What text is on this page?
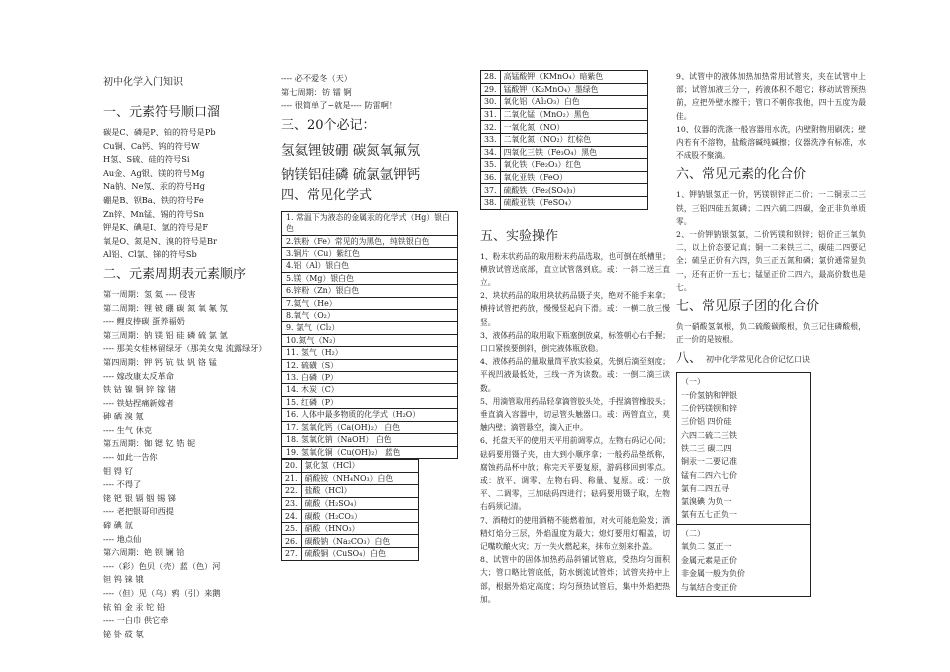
初中化学入门知识
一、元素符号顺口溜
碳是C、磷是P、铂的符号是Pb
Cu铜、Ca钙、钨的符号W
H氢、S硫、硅的符号Si
Au金、Ag银、镁的符号Mg
Na钠、Ne氖、汞的符号Hg
硼是B、钡Ba、铁的符号Fe
Zn锌、Mn锰、锡的符号Sn
钾是K、碘是I、氩的符号是F
氧是O、氮是N、溴的符号是Br
Al铝、Cl氯、锑的符号Sb
二、元素周期表元素顺序
第一周期：氢 氦 ---- 侵害
第二周期：锂 铍 硼 碳 氮 氧 氟 氖
---- 鲤皮捧碳 蛋养福奶
第三周期：钠 镁 铝 硅 磷 硫 氯 氩
---- 那美女桂林留绿牙（那美女鬼 流露绿牙）
第四周期：钾 钙 钪 钛 钒 铬 锰
---- 嫁改康太反革命
铁 钴 镍 铜 锌 镓 锗
---- 铁姑捏痛新嫁者
砷 硒 溴 氪
---- 生气 休克
第五周期：铷 锶 钇 锆 铌
---- 如此一告你
钼 锝 钌
---- 不得了
铑 钯 银 镉 铟 锡 锑
---- 老把银哥印西提
碲 碘 氙
---- 地点仙
第六周期：铯 钡 镧 铪
----（彩）色贝（壳）蓝（色）河
钽 钨 铼 锇
----（但）见（乌）鸦（引）来鹅
铱 铂 金 汞 铊 铅
---- 一白巾 供它牵
铋 钋 砹 氡
---- 必不爱冬（天）
第七周期：钫 镭 锕
---- 很简单了~就是---- 防雷啊！
三、20个必记：
氢氦锂铍硼 碳氮氧氟氖
钠镁铝硅磷 硫氯氩钾钙
四、常见化学式
1. 常温下为液态的金属汞的化学式（Hg）银白色
2.铁粉（Fe）常见的为黑色，纯铁银白色
3.铜片（Cu）紫红色
4.铝（Al）银白色
5.镁（Mg）银白色
6.锌粉（Zn）银白色
7.氦气（He）
8.氧气（O₂）
9. 氯气（Cl₂）
10.氮气（N₂）
11. 氢气（H₂）
12. 硫磺（S）
13. 白磷（P）
14. 木炭（C）
15. 红磷（P）
16. 人体中最多物质的化学式（H₂O）
17. 氢氧化钙（Ca(OH)₂） 白色
18. 氢氧化钠（NaOH） 白色
19. 氢氧化铜（Cu(OH)₂） 蓝色
20.	氯化氢（HCl）
21.	硝酸铵（NH₄NO₃）白色
22.	盐酸（HCl）
23.	硫酸（H₂SO₄）
24.	碳酸（H₂CO₃）
25.	硝酸（HNO₃）
26.	碳酸钠（Na₂CO₃）白色
27.	硫酸铜（CuSO₄）白色
28.	高锰酸钾（KMnO₄）暗紫色
29.	锰酸钾（K₂MnO₄）墨绿色
30.	氧化铝（Al₂O₃）白色
31.	二氧化锰（MnO₂）黑色
32.	一氧化氮（NO）
33.	二氧化氮（NO₂）红棕色
34.	四氧化三铁（Fe₃O₄）黑色
35.	氧化铁（Fe₂O₃）红色
36.	氧化亚铁（FeO）
37.	硫酸铁（Fe₂(SO₄)₃）
38.	硫酸亚铁（FeSO₄）
五、实验操作
1、粉末状药品的取用粉末药品选取，也可倒在纸槽里；横放试管送底部，直立试管落到底。或：一斜二送三直立。
2、块状药品的取用块状药品镊子夹，绝对不能手来拿；横持试管把药放，慢慢竖起向下滑。或：一横二放三慢竖。
3、液体药品的取用取下瓶塞倒放桌，标签朝心右手握；口口紧挨要倒斜，倒完液体瓶放稳。
4、液体药品的量取量筒平放实验桌，先倒后滴至刻度；平视凹液最低处，三线一齐为读数。或：一倒二滴三读数。
5、用滴管取用药品轻拿滴管胶头处，手捏滴管橡胶头；垂直滴入容器中，切忌管头触器口。或：两管直立，莫触内壁；滴管悬空，滴入正中。
6、托盘天平的使用天平用前调零点，左物右码记心间；砝码要用镊子夹，由大到小顺序拿；一般药品垫纸称，腐蚀药品杯中放；称完天平要复原，游码移回到零点。或：放平、调零、左物右码、称量、复原。或：一放平、二调零，三加砝码四进行；砝码要用镊子取，左物右码须记清。
7、酒精灯的使用酒精不能燃着加，对火可能危险发；酒精灯焰分三层，外焰温度为最大；熄灯要用灯帽盖，切记嘴吹酿火灾；万一失火燃起来，抹布立刻来扑盖。
8、试管中的固体加热药品斜铺试管底，受热均匀面积大；管口略比管底低，防水倒流试管炸；试管夹持中上部，根据外焰定高度；均匀预热试管后，集中外焰把热加。
9、试管中的液体加热加热常用试管夹，夹在试管中上部；试管加液三分一，药液体积不超它；移动试管预热前，应把外壁水擦干；管口不朝你我他，四十五度为最佳。
10、仪器的洗涤一般容器用水洗，内壁附物用刷洗；壁内若有不溶物，盐酸溶碱纯碱擦；仪器洗净有标准，水不成股不聚滴。
六、常见元素的化合价
1、钾钠银氢正一价，钙镁钡锌正二价；一二铜汞二三铁，三铝四硅五氮磷；二四六硫二四碳，金正非负单质零。
2、一价钾钠银氢氯，二价钙镁和钡锌；铝价正三氧负二，以上价态要记真；铜一二来铁三二，碳硅二四要记全；硫呈正价有六四，负三正五氮和磷；氯价通常显负一，还有正价一五七；锰显正价二四六，最高价数也是七。
七、常见原子团的化合价
负一硝酸氢氧根，负二硫酸碳酸根，负三记住磷酸根，正一价的是铵根。
八、 初中化学常见化合价记忆口诀
（一）
一价氢钠和钾银
二价钙镁钡和锌
三价铝 四价硅
六四二硫二三铁
铁二三 碳二四
铜汞一二要记准
锰有二四六七价
氯有二四五寻
氯溴碘 为负一
氯有五七正负一
（二）
氧负二 氢正一
金属元素是正价
非金属一般为负价
与氧结合变正价
